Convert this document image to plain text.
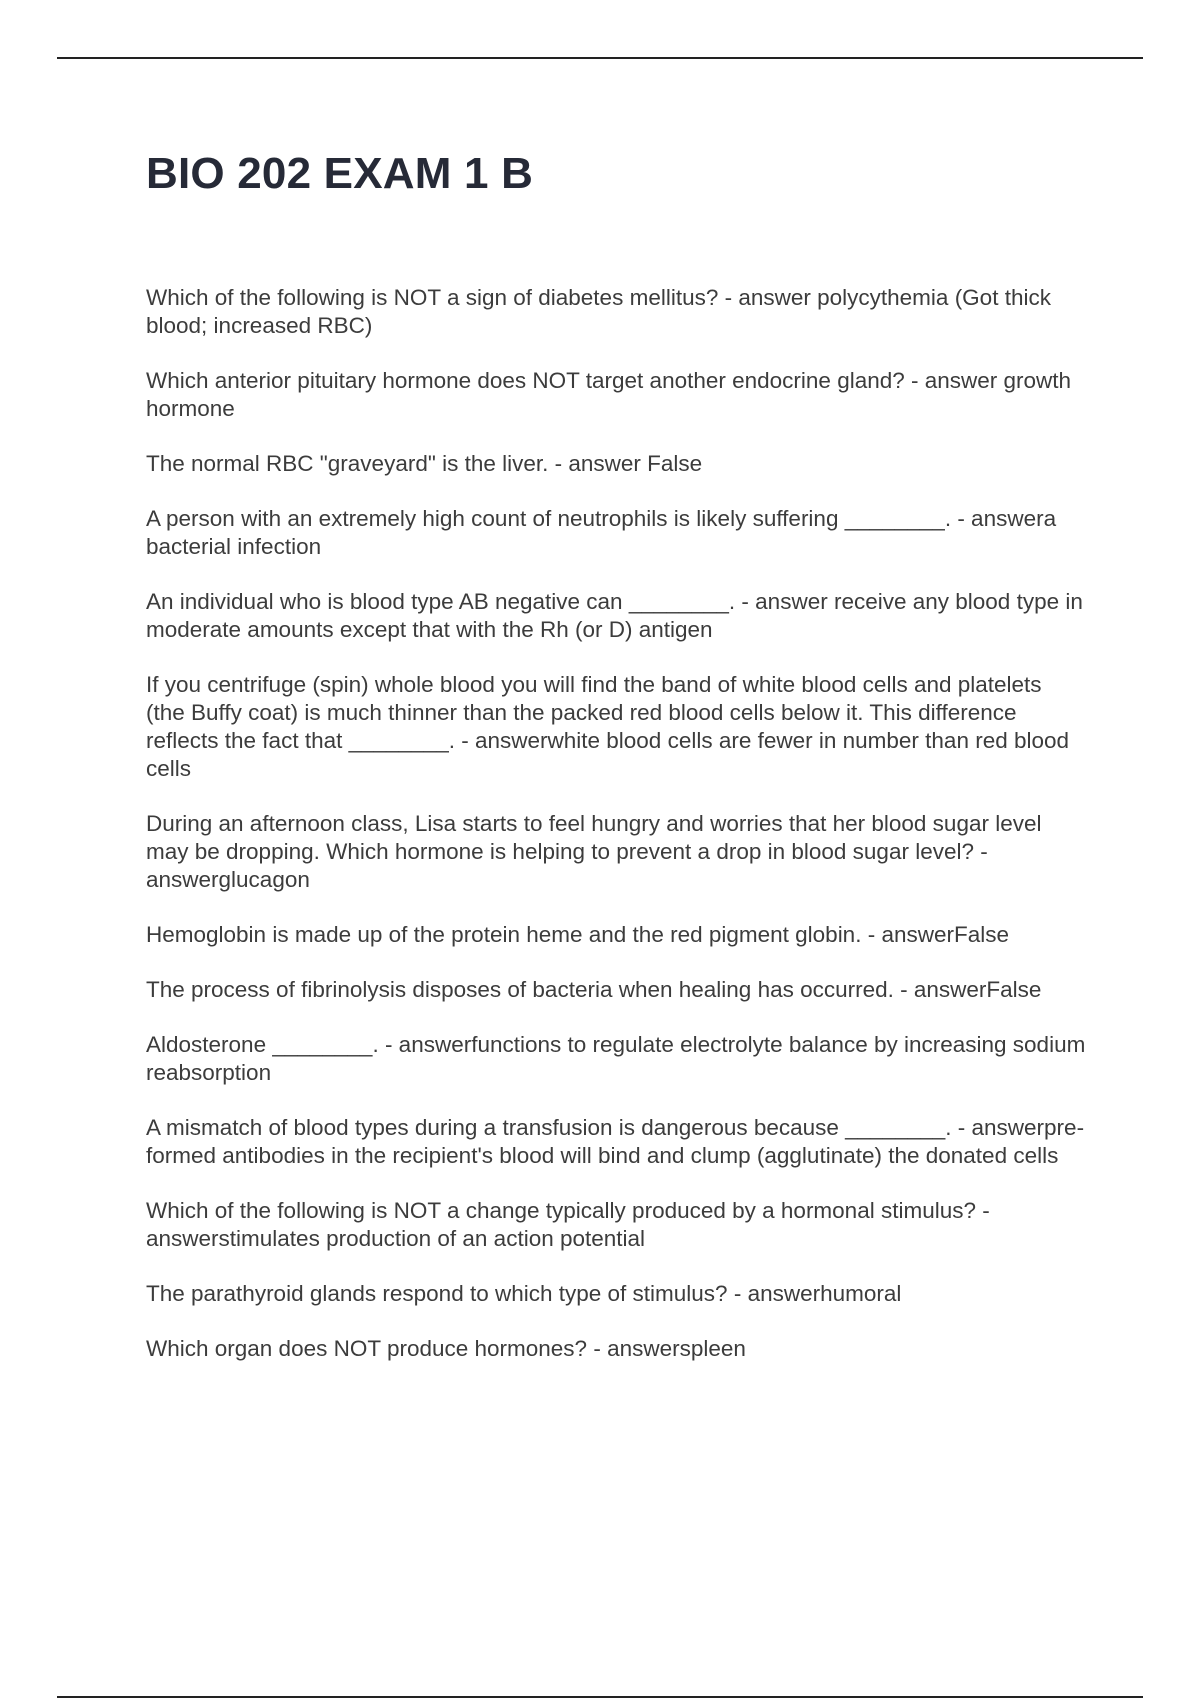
BIO 202 EXAM 1 B
Which of the following is NOT a sign of diabetes mellitus? - answer polycythemia (Got thick blood; increased RBC)
Which anterior pituitary hormone does NOT target another endocrine gland? - answer growth hormone
The normal RBC "graveyard" is the liver. - answer False
A person with an extremely high count of neutrophils is likely suffering ________. - answera bacterial infection
An individual who is blood type AB negative can ________. - answer receive any blood type in moderate amounts except that with the Rh (or D) antigen
If you centrifuge (spin) whole blood you will find the band of white blood cells and platelets (the Buffy coat) is much thinner than the packed red blood cells below it. This difference reflects the fact that ________. - answerwhite blood cells are fewer in number than red blood cells
During an afternoon class, Lisa starts to feel hungry and worries that her blood sugar level may be dropping. Which hormone is helping to prevent a drop in blood sugar level? - answerglucagon
Hemoglobin is made up of the protein heme and the red pigment globin. - answerFalse
The process of fibrinolysis disposes of bacteria when healing has occurred. - answerFalse
Aldosterone ________. - answerfunctions to regulate electrolyte balance by increasing sodium reabsorption
A mismatch of blood types during a transfusion is dangerous because ________. - answerpre-formed antibodies in the recipient's blood will bind and clump (agglutinate) the donated cells
Which of the following is NOT a change typically produced by a hormonal stimulus? - answerstimulates production of an action potential
The parathyroid glands respond to which type of stimulus? - answerhumoral
Which organ does NOT produce hormones? - answerspleen
